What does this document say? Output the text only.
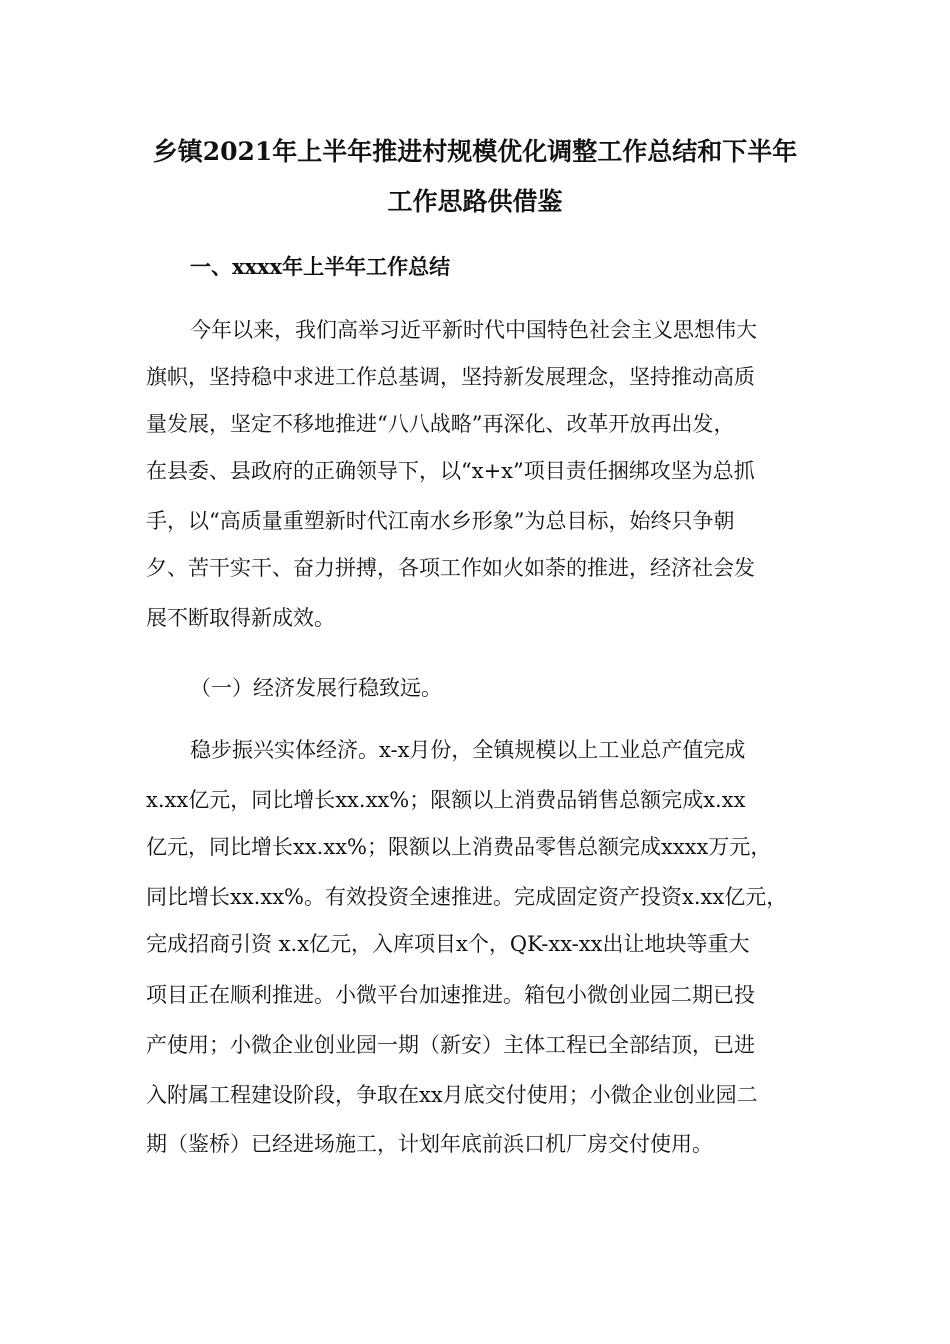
乡镇2021年上半年推进村规模优化调整工作总结和下半年
工作思路供借鉴
一、xxxx年上半年工作总结
今年以来，我们高举习近平新时代中国特色社会主义思想伟大
旗帜，坚持稳中求进工作总基调，坚持新发展理念，坚持推动高质
量发展，坚定不移地推进“八八战略”再深化、改革开放再出发，
在县委、县政府的正确领导下，以“x+x”项目责任捆绑攻坚为总抓
手，以“高质量重塑新时代江南水乡形象”为总目标，始终只争朝
夕、苦干实干、奋力拼搏，各项工作如火如荼的推进，经济社会发
展不断取得新成效。
（一）经济发展行稳致远。
稳步振兴实体经济。x-x月份，全镇规模以上工业总产值完成
x.xx亿元，同比增长xx.xx%；限额以上消费品销售总额完成x.xx
亿元，同比增长xx.xx%；限额以上消费品零售总额完成xxxx万元，
同比增长xx.xx%。有效投资全速推进。完成固定资产投资x.xx亿元，
完成招商引资 x.x亿元，入库项目x个，QK-xx-xx出让地块等重大
项目正在顺利推进。小微平台加速推进。箱包小微创业园二期已投
产使用；小微企业创业园一期（新安）主体工程已全部结顶，已进
入附属工程建设阶段，争取在xx月底交付使用；小微企业创业园二
期（鉴桥）已经进场施工，计划年底前浜口机厂房交付使用。
